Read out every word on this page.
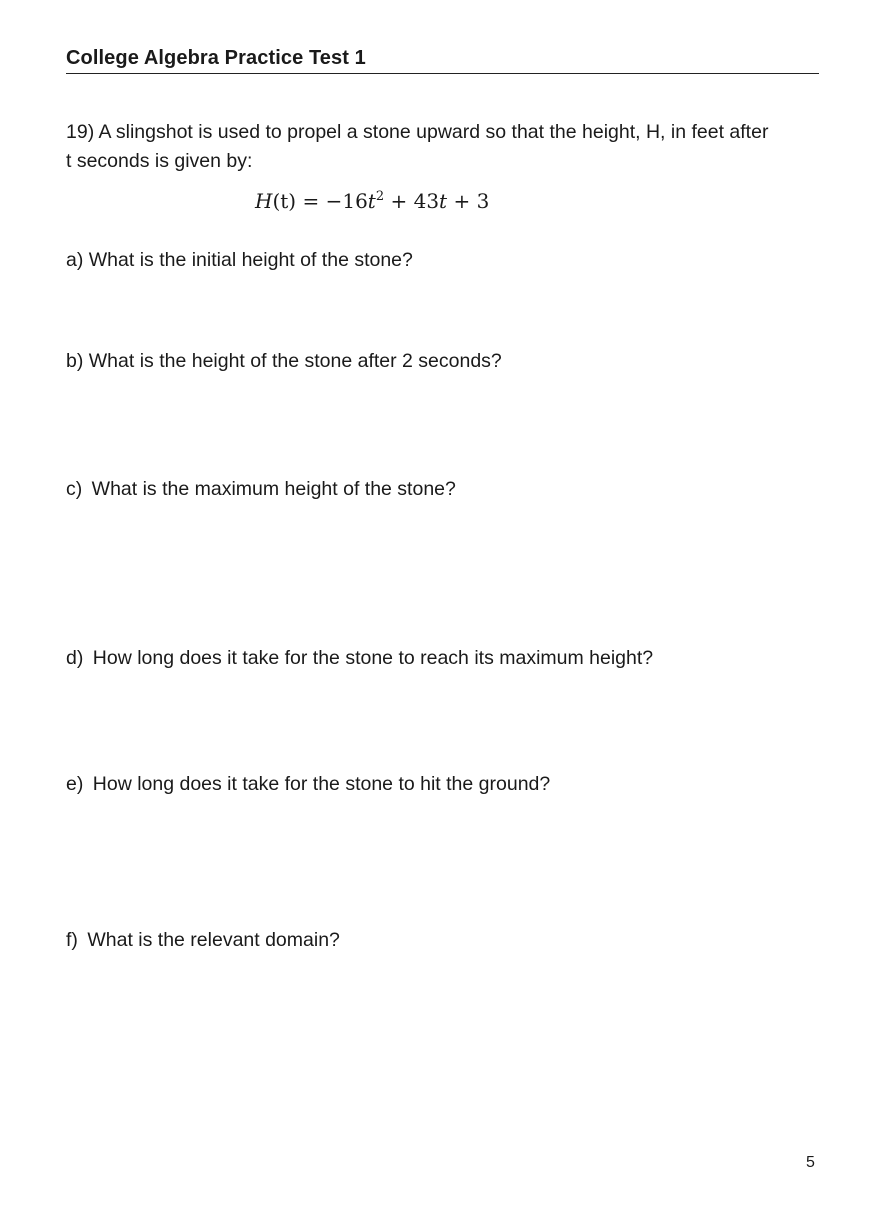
College Algebra Practice Test 1
19) A slingshot is used to propel a stone upward so that the height, H, in feet after
t seconds is given by:
$H(t) = -16t^2 + 43t + 3$
a) What is the initial height of the stone?
b) What is the height of the stone after 2 seconds?
c) What is the maximum height of the stone?
d) How long does it take for the stone to reach its maximum height?
e) How long does it take for the stone to hit the ground?
f) What is the relevant domain?
5
